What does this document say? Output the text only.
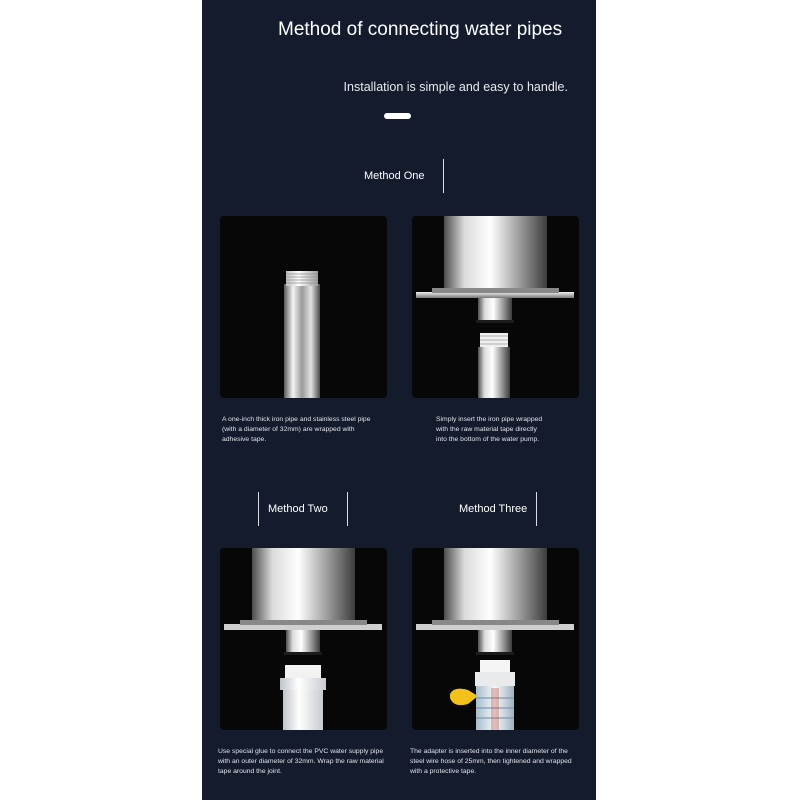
Method of connecting water pipes
Installation is simple and easy to handle.
Method One
A one-inch thick iron pipe and stainless steel pipe (with a diameter of 32mm) are wrapped with adhesive tape.
Simply insert the iron pipe wrapped with the raw material tape directly into the bottom of the water pump.
Method Two	Method Three
Use special glue to connect the PVC water supply pipe with an outer diameter of 32mm. Wrap the raw material tape around the joint.
The adapter is inserted into the inner diameter of the steel wire hose of 25mm, then tightened and wrapped with a protective tape.
